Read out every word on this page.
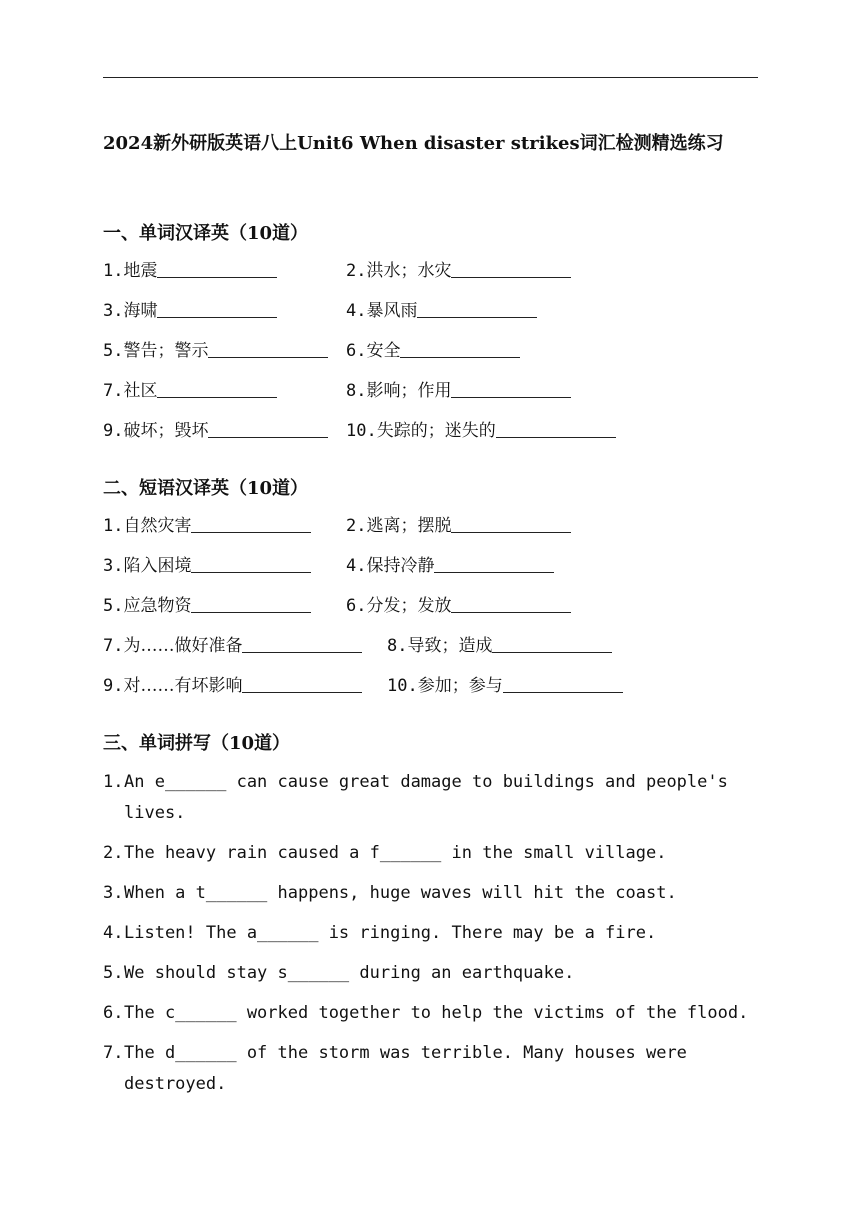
2024新外研版英语八上Unit6 When disaster strikes词汇检测精选练习
一、单词汉译英（10道）
1.地震	2.洪水；水灾
3.海啸	4.暴风雨
5.警告；警示	6.安全
7.社区	8.影响；作用
9.破坏；毁坏	10.失踪的；迷失的
二、短语汉译英（10道）
1.自然灾害	2.逃离；摆脱
3.陷入困境	4.保持冷静
5.应急物资	6.分发；发放
7.为……做好准备	8.导致；造成
9.对……有坏影响	10.参加；参与
三、单词拼写（10道）
1. An e______ can cause great damage to buildings and people's lives.
2. The heavy rain caused a f______ in the small village.
3. When a t______ happens, huge waves will hit the coast.
4. Listen! The a______ is ringing. There may be a fire.
5. We should stay s______ during an earthquake.
6. The c______ worked together to help the victims of the flood.
7. The d______ of the storm was terrible. Many houses were destroyed.
